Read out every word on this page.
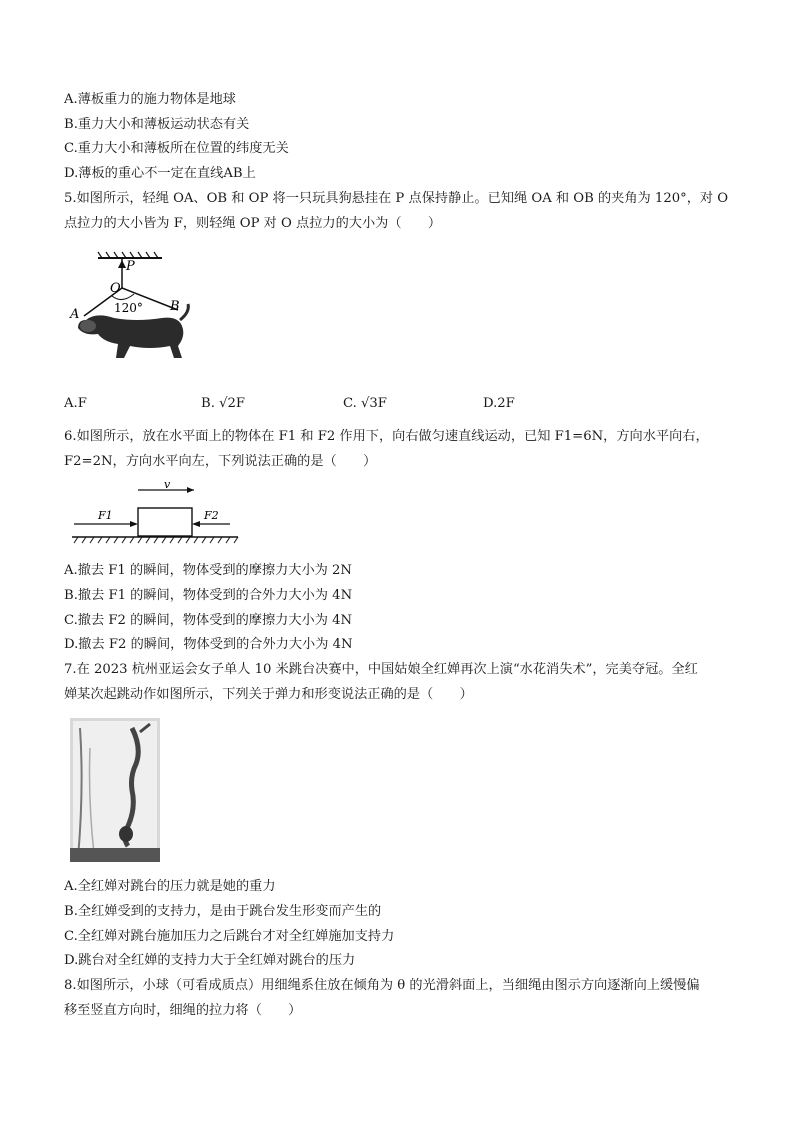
A.薄板重力的施力物体是地球
B.重力大小和薄板运动状态有关
C.重力大小和薄板所在位置的纬度无关
D.薄板的重心不一定在直线AB上
5.如图所示，轻绳 OA、OB 和 OP 将一只玩具狗悬挂在 P 点保持静止。已知绳 OA 和 OB 的夹角为 120°，对 O
点拉力的大小皆为 F，则轻绳 OP 对 O 点拉力的大小为（　　）
P
O
A
B
120°
A.F	B. √2F	C. √3F	D.2F
6.如图所示，放在水平面上的物体在 F1 和 F2 作用下，向右做匀速直线运动，已知 F1=6N，方向水平向右，
F2=2N，方向水平向左，下列说法正确的是（　　）
v
F1	F2
A.撤去 F1 的瞬间，物体受到的摩擦力大小为 2N
B.撤去 F1 的瞬间，物体受到的合外力大小为 4N
C.撤去 F2 的瞬间，物体受到的摩擦力大小为 4N
D.撤去 F2 的瞬间，物体受到的合外力大小为 4N
7.在 2023 杭州亚运会女子单人 10 米跳台决赛中，中国姑娘全红婵再次上演“水花消失术”，完美夺冠。全红
婵某次起跳动作如图所示，下列关于弹力和形变说法正确的是（　　）
A.全红婵对跳台的压力就是她的重力
B.全红婵受到的支持力，是由于跳台发生形变而产生的
C.全红婵对跳台施加压力之后跳台才对全红婵施加支持力
D.跳台对全红婵的支持力大于全红婵对跳台的压力
8.如图所示，小球（可看成质点）用细绳系住放在倾角为 θ 的光滑斜面上，当细绳由图示方向逐渐向上缓慢偏
移至竖直方向时，细绳的拉力将（　　）
